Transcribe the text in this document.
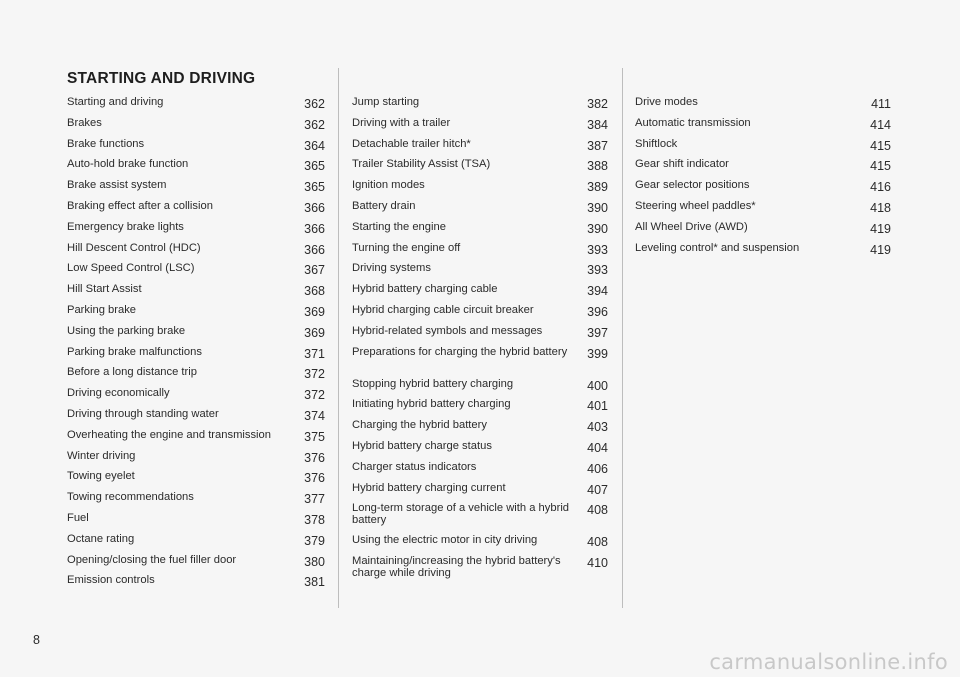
STARTING AND DRIVING
Starting and driving	362
Brakes	362
Brake functions	364
Auto-hold brake function	365
Brake assist system	365
Braking effect after a collision	366
Emergency brake lights	366
Hill Descent Control (HDC)	366
Low Speed Control (LSC)	367
Hill Start Assist	368
Parking brake	369
Using the parking brake	369
Parking brake malfunctions	371
Before a long distance trip	372
Driving economically	372
Driving through standing water	374
Overheating the engine and transmission	375
Winter driving	376
Towing eyelet	376
Towing recommendations	377
Fuel	378
Octane rating	379
Opening/closing the fuel filler door	380
Emission controls	381
Jump starting	382
Driving with a trailer	384
Detachable trailer hitch*	387
Trailer Stability Assist (TSA)	388
Ignition modes	389
Battery drain	390
Starting the engine	390
Turning the engine off	393
Driving systems	393
Hybrid battery charging cable	394
Hybrid charging cable circuit breaker	396
Hybrid-related symbols and messages	397
Preparations for charging the hybrid battery	399
Stopping hybrid battery charging	400
Initiating hybrid battery charging	401
Charging the hybrid battery	403
Hybrid battery charge status	404
Charger status indicators	406
Hybrid battery charging current	407
Long-term storage of a vehicle with a hybrid battery
408
Using the electric motor in city driving	408
Maintaining/increasing the hybrid battery's charge while driving
410
Drive modes	411
Automatic transmission	414
Shiftlock	415
Gear shift indicator	415
Gear selector positions	416
Steering wheel paddles*	418
All Wheel Drive (AWD)	419
Leveling control* and suspension	419
8
carmanualsonline.info
